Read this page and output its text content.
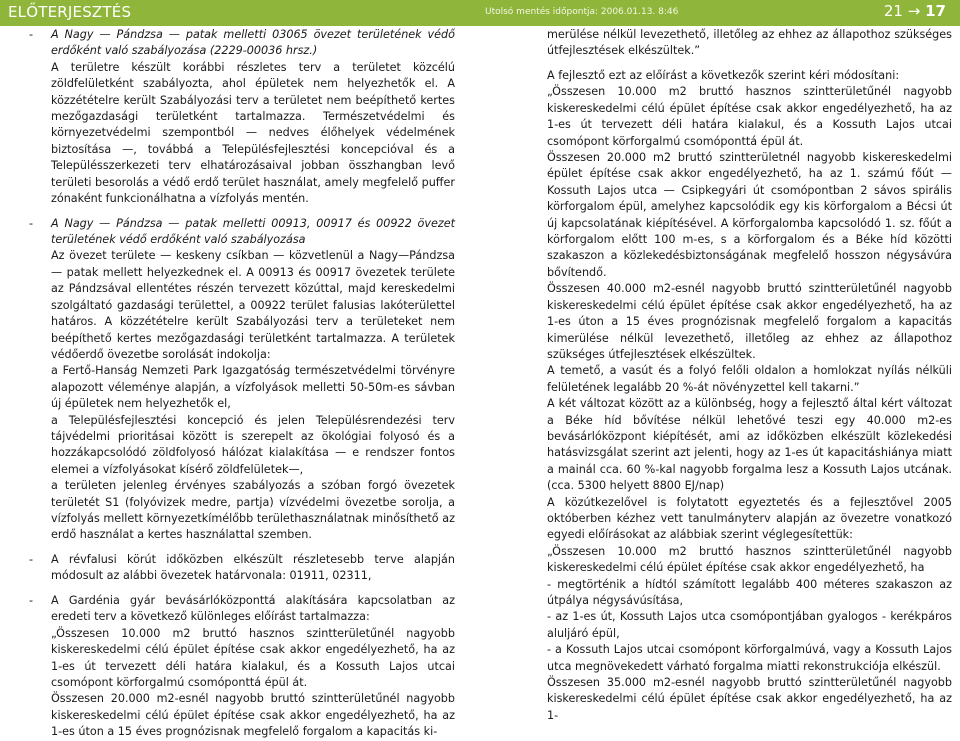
ELŐTERJESZTÉS	Utolsó mentés időpontja: 2006.01.13. 8:46	21 → 17
- A Nagy — Pándzsa — patak melletti 03065 övezet területének védő erdőként való szabályozása (2229-00036 hrsz.)

A területre készült korábbi részletes terv a területet közcélú zöldfelületként szabályozta, ahol épületek nem helyezhetők el. A közzétételre került Szabályozási terv a területet nem beépíthető kertes mezőgazdasági területként tartalmazza. Természetvédelmi és környezetvédelmi szempontból — nedves élőhelyek védelmének biztosítása —, továbbá a Településfejlesztési koncepcióval és a Településszerkezeti terv elhatározásaival jobban összhangban levő területi besorolás a védő erdő terület használat, amely megfelelő puffer zónaként funkcionálhatna a vízfolyás mentén.

- A Nagy — Pándzsa — patak melletti 00913, 00917 és 00922 övezet területének védő erdőként való szabályozása

Az övezet területe — keskeny csíkban — közvetlenül a Nagy—Pándzsa — patak mellett helyezkednek el. A 00913 és 00917 övezetek területe az Pándzsával ellentétes részén tervezett közúttal, majd kereskedelmi szolgáltató gazdasági területtel, a 00922 terület falusias lakóterülettel határos. A közzétételre került Szabályozási terv a területeket nem beépíthető kertes mezőgazdasági területként tartalmazza. A területek védőerdő övezetbe sorolását indokolja:

a Fertő-Hanság Nemzeti Park Igazgatóság természetvédelmi törvényre alapozott véleménye alapján, a vízfolyások melletti 50-50m-es sávban új épületek nem helyezhetők el,

a Településfejlesztési koncepció és jelen Településrendezési terv tájvédelmi prioritásai között is szerepelt az ökológiai folyosó és a hozzákapcsolódó zöldfolyosó hálózat kialakítása — e rendszer fontos elemei a vízfolyásokat kísérő zöldfelületek—,

a területen jelenleg érvényes szabályozás a szóban forgó övezetek területét S1 (folyóvizek medre, partja) vízvédelmi övezetbe sorolja, a vízfolyás mellett környezetkímélőbb területhasználatnak minősíthető az erdő használat a kertes használattal szemben.

- A révfalusi körút időközben elkészült részletesebb terve alapján módosult az alábbi övezetek határvonala: 01911, 02311,

- A Gardénia gyár bevásárlóközponttá alakítására kapcsolatban az eredeti terv a következő különleges előírást tartalmazza:

„Összesen 10.000 m2 bruttó hasznos szintterületűnél nagyobb kiskereskedelmi célú épület építése csak akkor engedélyezhető, ha az 1-es út tervezett déli határa kialakul, és a Kossuth Lajos utcai csomópont körforgalmú csomóponttá épül át.

Összesen 20.000 m2-esnél nagyobb bruttó szintterületűnél nagyobb kiskereskedelmi célú épület építése csak akkor engedélyezhető, ha az 1-es úton a 15 éves prognózisnak megfelelő forgalom a kapacitás ki-

merülése nélkül levezethető, illetőleg az ehhez az állapothoz szükséges útfejlesztések elkészültek.”

A fejlesztő ezt az előírást a következők szerint kéri módosítani:

„Összesen 10.000 m2 bruttó hasznos szintterületűnél nagyobb kiskereskedelmi célú épület építése csak akkor engedélyezhető, ha az 1-es út tervezett déli határa kialakul, és a Kossuth Lajos utcai csomópont körforgalmú csomóponttá épül át.

Összesen 20.000 m2 bruttó szintterületnél nagyobb kiskereskedelmi épület építése csak akkor engedélyezhető, ha az 1. számú főút — Kossuth Lajos utca — Csipkegyári út csomópontban 2 sávos spirális körforgalom épül, amelyhez kapcsolódik egy kis körforgalom a Bécsi út új kapcsolatának kiépítésével. A körforgalomba kapcsolódó 1. sz. főút a körforgalom előtt 100 m-es, s a körforgalom és a Béke híd közötti szakaszon a közlekedésbiztonságának megfelelő hosszon négysávúra bővítendő.

Összesen 40.000 m2-esnél nagyobb bruttó szintterületűnél nagyobb kiskereskedelmi célú épület építése csak akkor engedélyezhető, ha az 1-es úton a 15 éves prognózisnak megfelelő forgalom a kapacitás kimerülése nélkül levezethető, illetőleg az ehhez az állapothoz szükséges útfejlesztések elkészültek.

A temető, a vasút és a folyó felőli oldalon a homlokzat nyílás nélküli felületének legalább 20 %-át növényzettel kell takarni.”

A két változat között az a különbség, hogy a fejlesztő által kért változat a Béke híd bővítése nélkül lehetővé teszi egy 40.000 m2-es bevásárlóközpont kiépítését, ami az időközben elkészült közlekedési hatásvizsgálat szerint azt jelenti, hogy az 1-es út kapacitáshiánya miatt a mainál cca. 60 %-kal nagyobb forgalma lesz a Kossuth Lajos utcának. (cca. 5300 helyett 8800 EJ/nap)

A közútkezelővel is folytatott egyeztetés és a fejlesztővel 2005 októberben kézhez vett tanulmányterv alapján az övezetre vonatkozó egyedi előírásokat az alábbiak szerint véglegesítettük:

„Összesen 10.000 m2 bruttó hasznos szintterületűnél nagyobb kiskereskedelmi célú épület építése csak akkor engedélyezhető, ha

- megtörténik a hídtól számított legalább 400 méteres szakaszon az útpálya négysávúsítása,

- az 1-es út, Kossuth Lajos utca csomópontjában gyalogos - kerékpáros aluljáró épül,

- a Kossuth Lajos utcai csomópont körforgalmúvá, vagy a Kossuth Lajos utca megnövekedett várható forgalma miatti rekonstrukciója elkészül.

Összesen 35.000 m2-esnél nagyobb bruttó szintterületűnél nagyobb kiskereskedelmi célú épület építése csak akkor engedélyezhető, ha az 1-
